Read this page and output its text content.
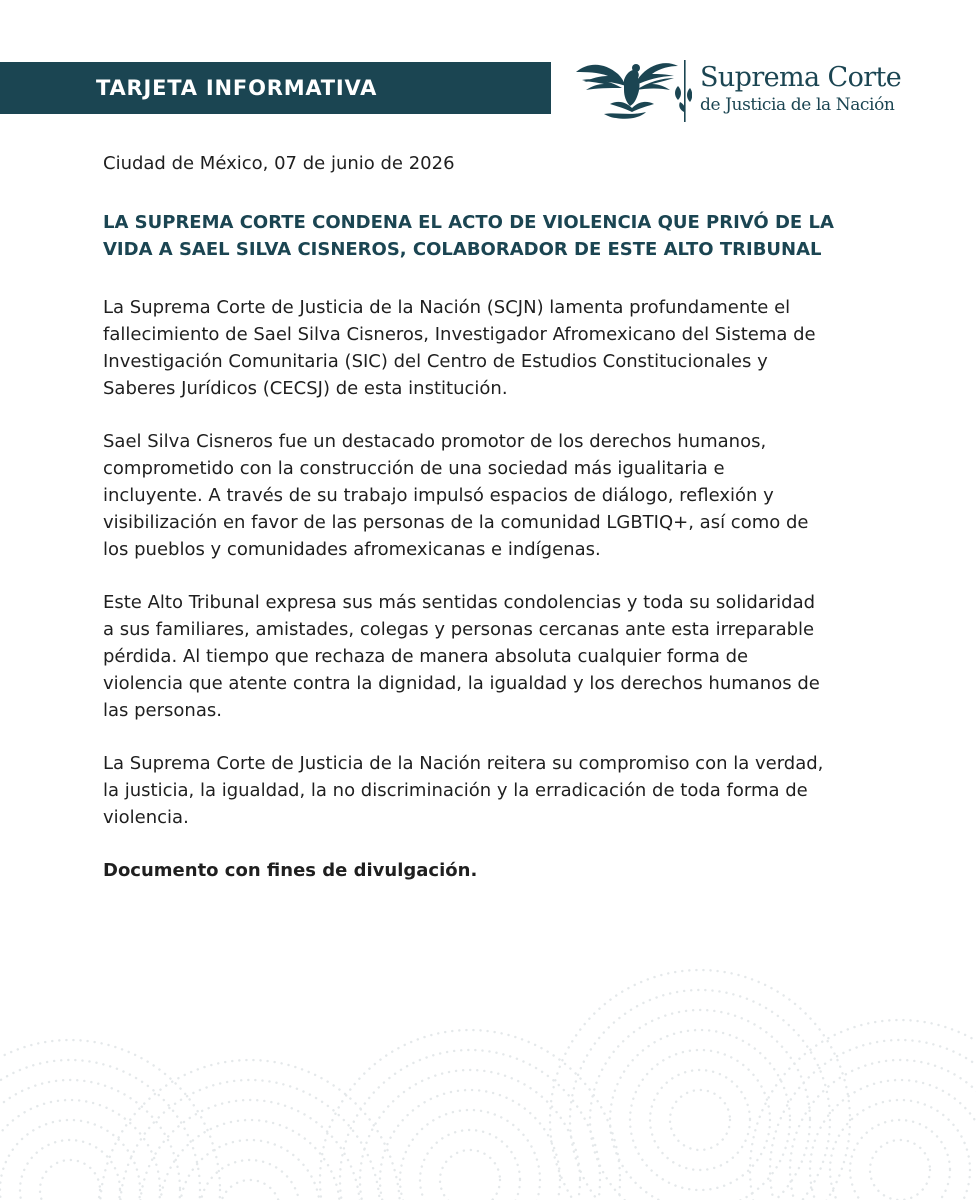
TARJETA INFORMATIVA	Suprema Corte
de Justicia de la Nación
Ciudad de México, 07 de junio de 2026
LA SUPREMA CORTE CONDENA EL ACTO DE VIOLENCIA QUE PRIVÓ DE LA
VIDA A SAEL SILVA CISNEROS, COLABORADOR DE ESTE ALTO TRIBUNAL
La Suprema Corte de Justicia de la Nación (SCJN) lamenta profundamente el
fallecimiento de Sael Silva Cisneros, Investigador Afromexicano del Sistema de
Investigación Comunitaria (SIC) del Centro de Estudios Constitucionales y
Saberes Jurídicos (CECSJ) de esta institución.
Sael Silva Cisneros fue un destacado promotor de los derechos humanos,
comprometido con la construcción de una sociedad más igualitaria e
incluyente. A través de su trabajo impulsó espacios de diálogo, reflexión y
visibilización en favor de las personas de la comunidad LGBTIQ+, así como de
los pueblos y comunidades afromexicanas e indígenas.
Este Alto Tribunal expresa sus más sentidas condolencias y toda su solidaridad
a sus familiares, amistades, colegas y personas cercanas ante esta irreparable
pérdida. Al tiempo que rechaza de manera absoluta cualquier forma de
violencia que atente contra la dignidad, la igualdad y los derechos humanos de
las personas.
La Suprema Corte de Justicia de la Nación reitera su compromiso con la verdad,
la justicia, la igualdad, la no discriminación y la erradicación de toda forma de
violencia.
Documento con fines de divulgación.
